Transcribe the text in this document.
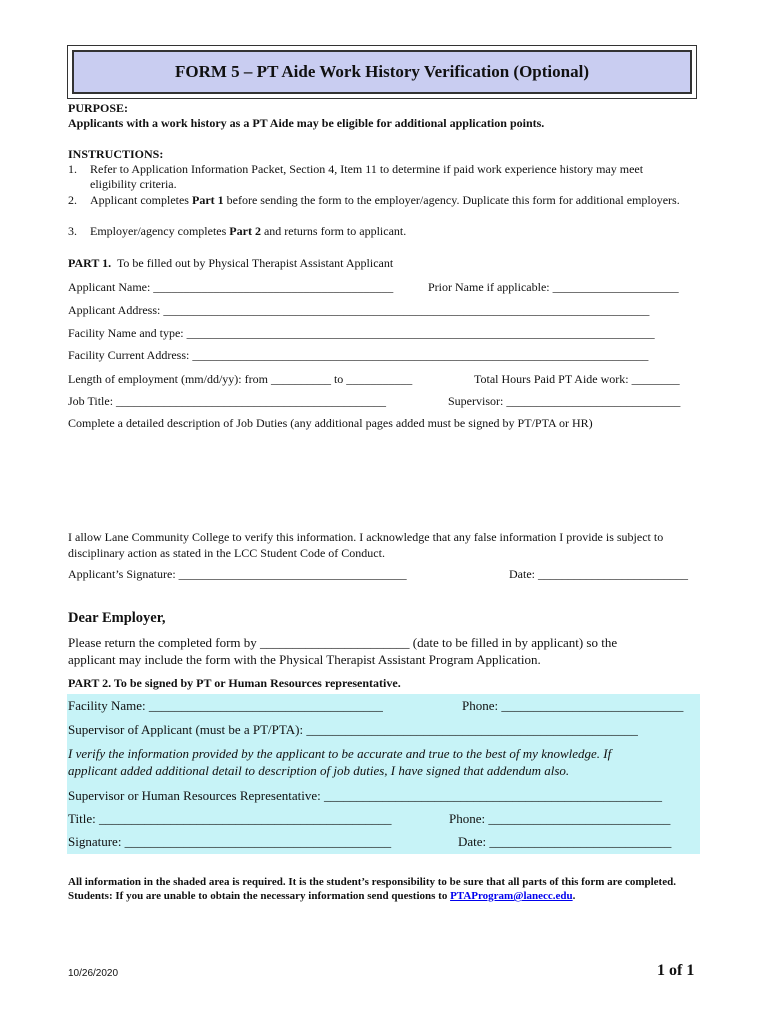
FORM 5 – PT Aide Work History Verification (Optional)
PURPOSE:
Applicants with a work history as a PT Aide may be eligible for additional application points.
INSTRUCTIONS:
1. Refer to Application Information Packet, Section 4, Item 11 to determine if paid work experience history may meet eligibility criteria.
2. Applicant completes Part 1 before sending the form to the employer/agency. Duplicate this form for additional employers.
3. Employer/agency completes Part 2 and returns form to applicant.
PART 1. To be filled out by Physical Therapist Assistant Applicant
Applicant Name: ________________________________________	Prior Name if applicable: _____________________
Applicant Address: _________________________________________________________________________________
Facility Name and type: ______________________________________________________________________________
Facility Current Address: ____________________________________________________________________________
Length of employment (mm/dd/yy): from __________ to ___________	Total Hours Paid PT Aide work: ________
Job Title: _____________________________________________	Supervisor: _____________________________
Complete a detailed description of Job Duties (any additional pages added must be signed by PT/PTA or HR)
I allow Lane Community College to verify this information. I acknowledge that any false information I provide is subject to disciplinary action as stated in the LCC Student Code of Conduct.
Applicant’s Signature: ______________________________________	Date: _________________________
Dear Employer,
Please return the completed form by _______________________ (date to be filled in by applicant) so the
applicant may include the form with the Physical Therapist Assistant Program Application.
PART 2. To be signed by PT or Human Resources representative.
Facility Name: ____________________________________	Phone: ____________________________
Supervisor of Applicant (must be a PT/PTA): ___________________________________________________
I verify the information provided by the applicant to be accurate and true to the best of my knowledge. If
applicant added additional detail to description of job duties, I have signed that addendum also.
Supervisor or Human Resources Representative: ____________________________________________________
Title: _____________________________________________	Phone: ____________________________
Signature: _________________________________________	Date: ____________________________
All information in the shaded area is required. It is the student’s responsibility to be sure that all parts of this form are completed.
Students: If you are unable to obtain the necessary information send questions to PTAProgram@lanecc.edu.
10/26/2020	1 of 1
